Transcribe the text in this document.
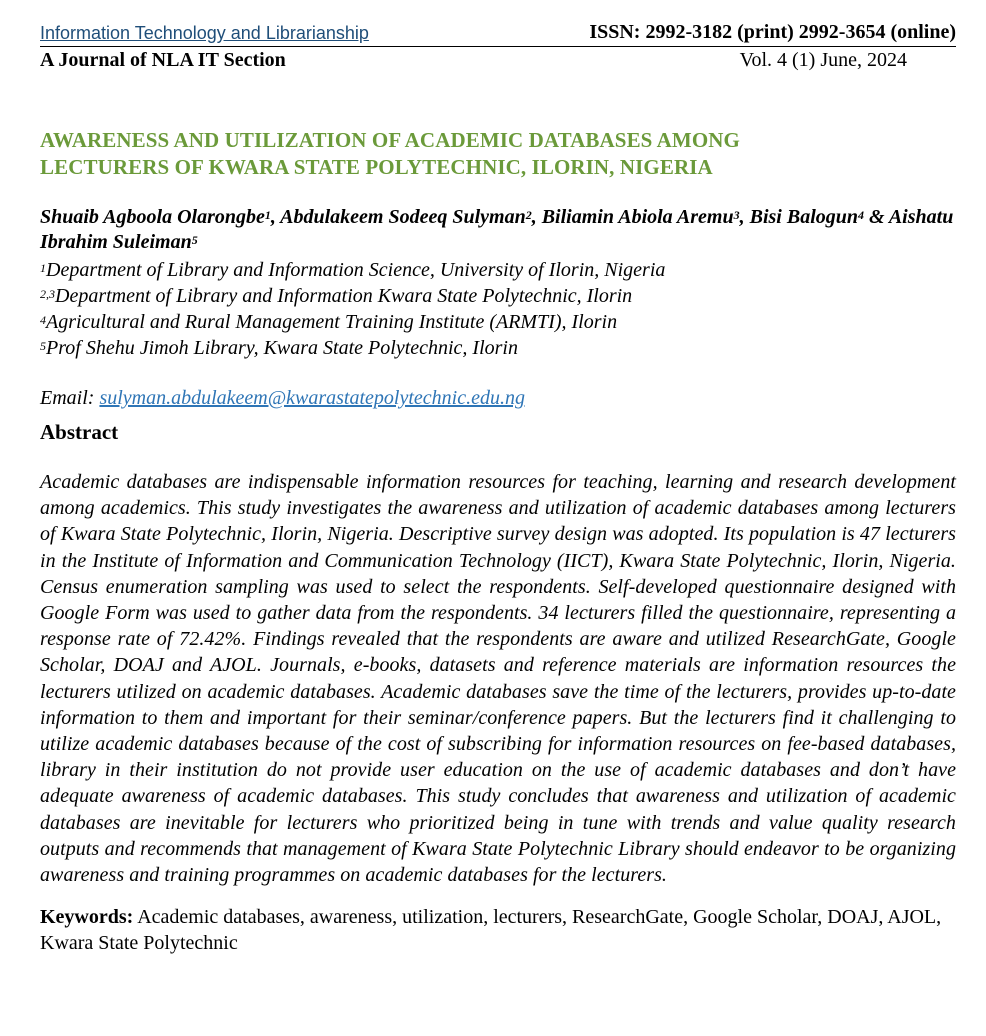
Information Technology and Librarianship	ISSN: 2992-3182 (print) 2992-3654 (online)
A Journal of NLA IT Section	Vol. 4 (1) June, 2024
AWARENESS AND UTILIZATION OF ACADEMIC DATABASES AMONG
LECTURERS OF KWARA STATE POLYTECHNIC, ILORIN, NIGERIA
Shuaib Agboola Olarongbe$^1$, Abdulakeem Sodeeq Sulyman$^2$, Biliamin Abiola Aremu$^3$, Bisi Balogun$^4$ & Aishatu Ibrahim Suleiman$^5$
$^1$Department of Library and Information Science, University of Ilorin, Nigeria
$^{2,3}$Department of Library and Information Kwara State Polytechnic, Ilorin
$^4$Agricultural and Rural Management Training Institute (ARMTI), Ilorin
$^5$Prof Shehu Jimoh Library, Kwara State Polytechnic, Ilorin
Email: sulyman.abdulakeem@kwarastatepolytechnic.edu.ng
Abstract
Academic databases are indispensable information resources for teaching, learning and research development among academics. This study investigates the awareness and utilization of academic databases among lecturers of Kwara State Polytechnic, Ilorin, Nigeria. Descriptive survey design was adopted. Its population is 47 lecturers in the Institute of Information and Communication Technology (IICT), Kwara State Polytechnic, Ilorin, Nigeria. Census enumeration sampling was used to select the respondents. Self-developed questionnaire designed with Google Form was used to gather data from the respondents. 34 lecturers filled the questionnaire, representing a response rate of 72.42%. Findings revealed that the respondents are aware and utilized ResearchGate, Google Scholar, DOAJ and AJOL. Journals, e-books, datasets and reference materials are information resources the lecturers utilized on academic databases. Academic databases save the time of the lecturers, provides up-to-date information to them and important for their seminar/conference papers. But the lecturers find it challenging to utilize academic databases because of the cost of subscribing for information resources on fee-based databases, library in their institution do not provide user education on the use of academic databases and don’t have adequate awareness of academic databases. This study concludes that awareness and utilization of academic databases are inevitable for lecturers who prioritized being in tune with trends and value quality research outputs and recommends that management of Kwara State Polytechnic Library should endeavor to be organizing awareness and training programmes on academic databases for the lecturers.
Keywords: Academic databases, awareness, utilization, lecturers, ResearchGate, Google Scholar, DOAJ, AJOL, Kwara State Polytechnic
